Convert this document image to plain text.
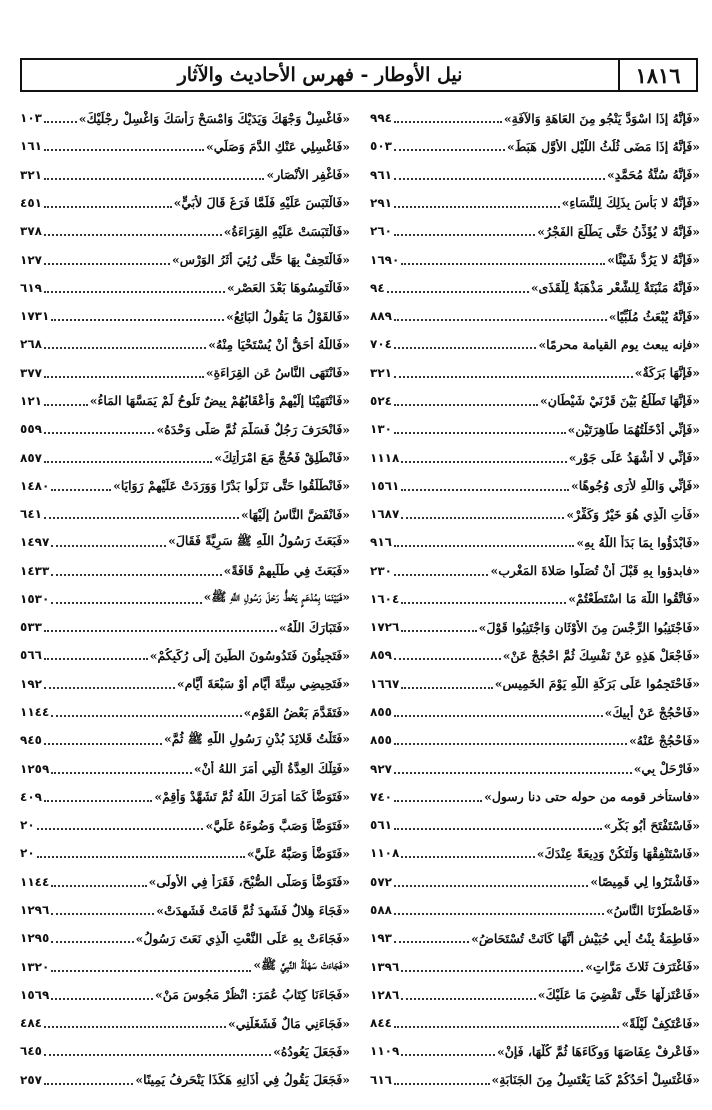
١٨١٦
نيل الأوطار - فهرس الأحاديث والآثار
«فَإِنَّهُ إِذَا اسْوَدَّ يَنْجُو مِنَ العَاهَةِ وَالآفَةِ»
٩٩٤
«فَإِنَّهُ إِذَا مَضَى ثُلُثُ اللَّيْلِ الأَوَّلِ هَبَطَ»
٥٠٣
«فَإِنَّهُ سُنَّةُ مُحَمَّدٍ»
٩٦١
«فَإِنَّهُ لا بَأْسَ بِذَلِكَ لِلنِّسَاءِ»
٢٩١
«فَإِنَّهُ لا يُؤَذِّنُ حَتَّى يَطْلُعَ الفَجْرُ»
٢٦٠
«فَإِنَّهُ لا يَرُدُّ شَيْئًا»
١٦٩٠
«فَإِنَّهُ مَنْبَتَةٌ لِلشَّعْرِ مَذْهَبَةٌ لِلْقَذَى»
٩٤
«فَإِنَّهُ يُبْعَثُ مُلَبِّيًا»
٨٨٩
«فإنه يبعث يوم القيامة محرمًا»
٧٠٤
«فَإِنَّهَا بَرَكَةٌ»
٣٢١
«فَإِنَّهَا تَطْلُعُ بَيْنَ قَرْنَيْ شَيْطَانٍ»
٥٢٤
«فَإِنِّي أَدْخَلْتُهُمَا طَاهِرَتَيْنِ»
١٣٠
«فَإِنِّي لا أَشْهَدُ عَلَى جَوْرٍ»
١١١٨
«فَإِنِّي وَاللَّهِ لأَرَى وُجُوهًا»
١٥٦١
«فَأْتِ الَّذِي هُوَ خَيْرٌ وَكَفِّرْ»
١٦٨٧
«فَابْدَؤُوا بِمَا بَدَأَ اللَّهُ بِهِ»
٩١٦
«فابدؤوا بِهِ قَبْلَ أَنْ تُصَلُّوا صَلاةَ المَغْرِبِ»
٢٣٠
«فَاتَّقُوا اللَّهَ مَا اسْتَطَعْتُمْ»
١٦٠٤
«فَاجْتَنِبُوا الرِّجْسَ مِنَ الأَوْثَانِ وَاجْتَنِبُوا قَوْلَ»
١٧٢٦
«فَاجْعَلْ هَذِهِ عَنْ نَفْسِكَ ثُمَّ احْجُجْ عَنْ»
٨٥٩
«فَاحْتَجِمُوا عَلَى بَرَكَةِ اللَّهِ يَوْمَ الخَمِيسِ»
١٦٦٧
«فَاحْجُجْ عَنْ أَبِيكَ»
٨٥٥
«فَاحْجُجْ عَنْهُ»
٨٥٥
«فَارْحَلْ بِي»
٩٢٧
«فاستأخر قومه من حوله حتى دنا رسول»
٧٤٠
«فَاسْتَفْتَحَ أَبُو بَكْرٍ»
٥٦١
«فَاسْتَنْفِقْهَا وَلْتَكُنْ وَدِيعَةً عِنْدَكَ»
١١٠٨
«فَاشْتَرُوا لِي قَمِيصًا»
٥٧٢
«فَاصْطَرْنَا النَّاسُ»
٥٨٨
«فَاطِمَةُ بِنْتُ أَبِي حُبَيْشٍ أَنَّهَا كَانَتْ تُسْتَحَاضُ»
١٩٣
«فَاغْتَرَفَ ثَلاثَ مَرَّاتٍ»
١٣٩٦
«فَاعْتَزِلْهَا حَتَّى تَقْضِيَ مَا عَلَيْكَ»
١٢٨٦
«فَاعْتَكِفْ لَيْلَةً»
٨٤٤
«فَاعْرِفْ عِفَاصَهَا وَوِكَاءَهَا ثُمَّ كُلْهَا، فَإِنْ»
١١٠٩
«فَاغْتَسِلْ أَحَدُكُمْ كَمَا يَغْتَسِلُ مِنَ الجَنَابَةِ»
٦١٦
«فَاغْسِلْ وَجْهَكَ وَيَدَيْكَ وَامْسَحْ رَأْسَكَ وَاغْسِلْ رِجْلَيْكَ»
١٠٣
«فَاغْسِلِي عَنْكِ الدَّمَ وَصَلِّي»
١٦١
«فَاغْفِرِ الأَنْصَارِ»
٣٢١
«فَالْتَبَسَ عَلَيْهِ فَلَمَّا فَرَغَ قَالَ لأُبَيٍّ»
٤٥١
«فَالْتَبَسَتْ عَلَيْهِ القِرَاءَةُ»
٣٧٨
«فَالْتَحِفْ بِهَا حَتَّى رُئِيَ أَثَرُ الوَرْسِ»
١٢٧
«فَالْتَمِسُوهَا بَعْدَ العَصْرِ»
٦١٩
«فَالقَوْلُ مَا يَقُولُ البَائِعُ»
١٧٣١
«فَاللَّهُ أَحَقُّ أَنْ يُسْتَحْيَا مِنْهُ»
٢٦٨
«فَانْتَهَى النَّاسُ عَنِ القِرَاءَةِ»
٣٧٧
«فَانْتَهَيْنَا إِلَيْهِمْ وَأَعْقَابُهُمْ بِيضٌ تَلُوحُ لَمْ يَمَسَّهَا المَاءُ»
١٢١
«فَانْحَرَفَ رَجُلٌ فَسَلَّمَ ثُمَّ صَلَّى وَحْدَهُ»
٥٥٩
«فَانْطَلِقْ فَحُجَّ مَعَ امْرَأَتِكَ»
٨٥٧
«فَانْطَلَقُوا حَتَّى نَزَلُوا بَدْرًا وَوَرَدَتْ عَلَيْهِمْ رَوَايَا»
١٤٨٠
«فَانْفَضَّ النَّاسُ إِلَيْهَا»
٦٤١
«فَبَعَثَ رَسُولُ اللَّهِ ﷺ سَرِيَّةً فَقَالَ»
١٤٩٧
«فَبَعَثَ فِي طَلَبِهِمْ قَافَةً»
١٤٣٣
«فَبَيْنَمَا بِمُدْعَمٍ يَحُطُّ رَحْلَ رَسُولِ اللَّهِ ﷺ»
١٥٣٠
«فَتَبَارَكَ اللَّهُ»
٥٣٣
«فَتَجِيئُونَ فَتَدُوسُونَ الطِّينَ إِلَى رُكَبِكُمْ»
٥٦٦
«فَتَحِيضِي سِتَّةَ أَيَّامٍ أَوْ سَبْعَةَ أَيَّامٍ»
١٩٢
«فَتَقَدَّمَ بَعْضُ القَوْمِ»
١١٤٤
«فَتَلْتُ قَلائِدَ بُدْنِ رَسُولِ اللَّهِ ﷺ ثُمَّ»
٩٤٥
«فَتِلْكَ العِدَّةُ الَّتِي أَمَرَ اللهُ أَنْ»
١٢٥٩
«فَتَوَضَّأْ كَمَا أَمَرَكَ اللَّهُ ثُمَّ تَشَهَّدْ وَأَقِمْ»
٤٠٩
«فَتَوَضَّأَ وَصَبَّ وَضُوءَهُ عَلَيَّ»
٢٠
«فَتَوَضَّأَ وَصَبَّهُ عَلَيَّ»
٢٠
«فَتَوَضَّأَ وَصَلَّى الصُّبْحَ، فَقَرَأَ فِي الأُولَى»
١١٤٤
«فَجَاءَ هِلالٌ فَشَهِدَ ثُمَّ قَامَتْ فَشَهِدَتْ»
١٢٩٦
«فَجَاءَتْ بِهِ عَلَى النَّعْتِ الَّذِي نَعَتَ رَسُولُ»
١٢٩٥
«فَجَاءَتْ سَهْلَةُ النَّبِيَّ ﷺ»
١٣٢٠
«فَجَاءَنَا كِتَابُ عُمَرَ: انْظُرْ مَجُوسَ مَنْ»
١٥٦٩
«فَجَاءَنِي مَالٌ فَشَغَلَنِي»
٤٨٤
«فَجَعَلَ يَعُودُهُ»
٦٤٥
«فَجَعَلَ يَقُولُ فِي أَذَانِهِ هَكَذَا يَنْحَرِفُ يَمِينًا»
٢٥٧
